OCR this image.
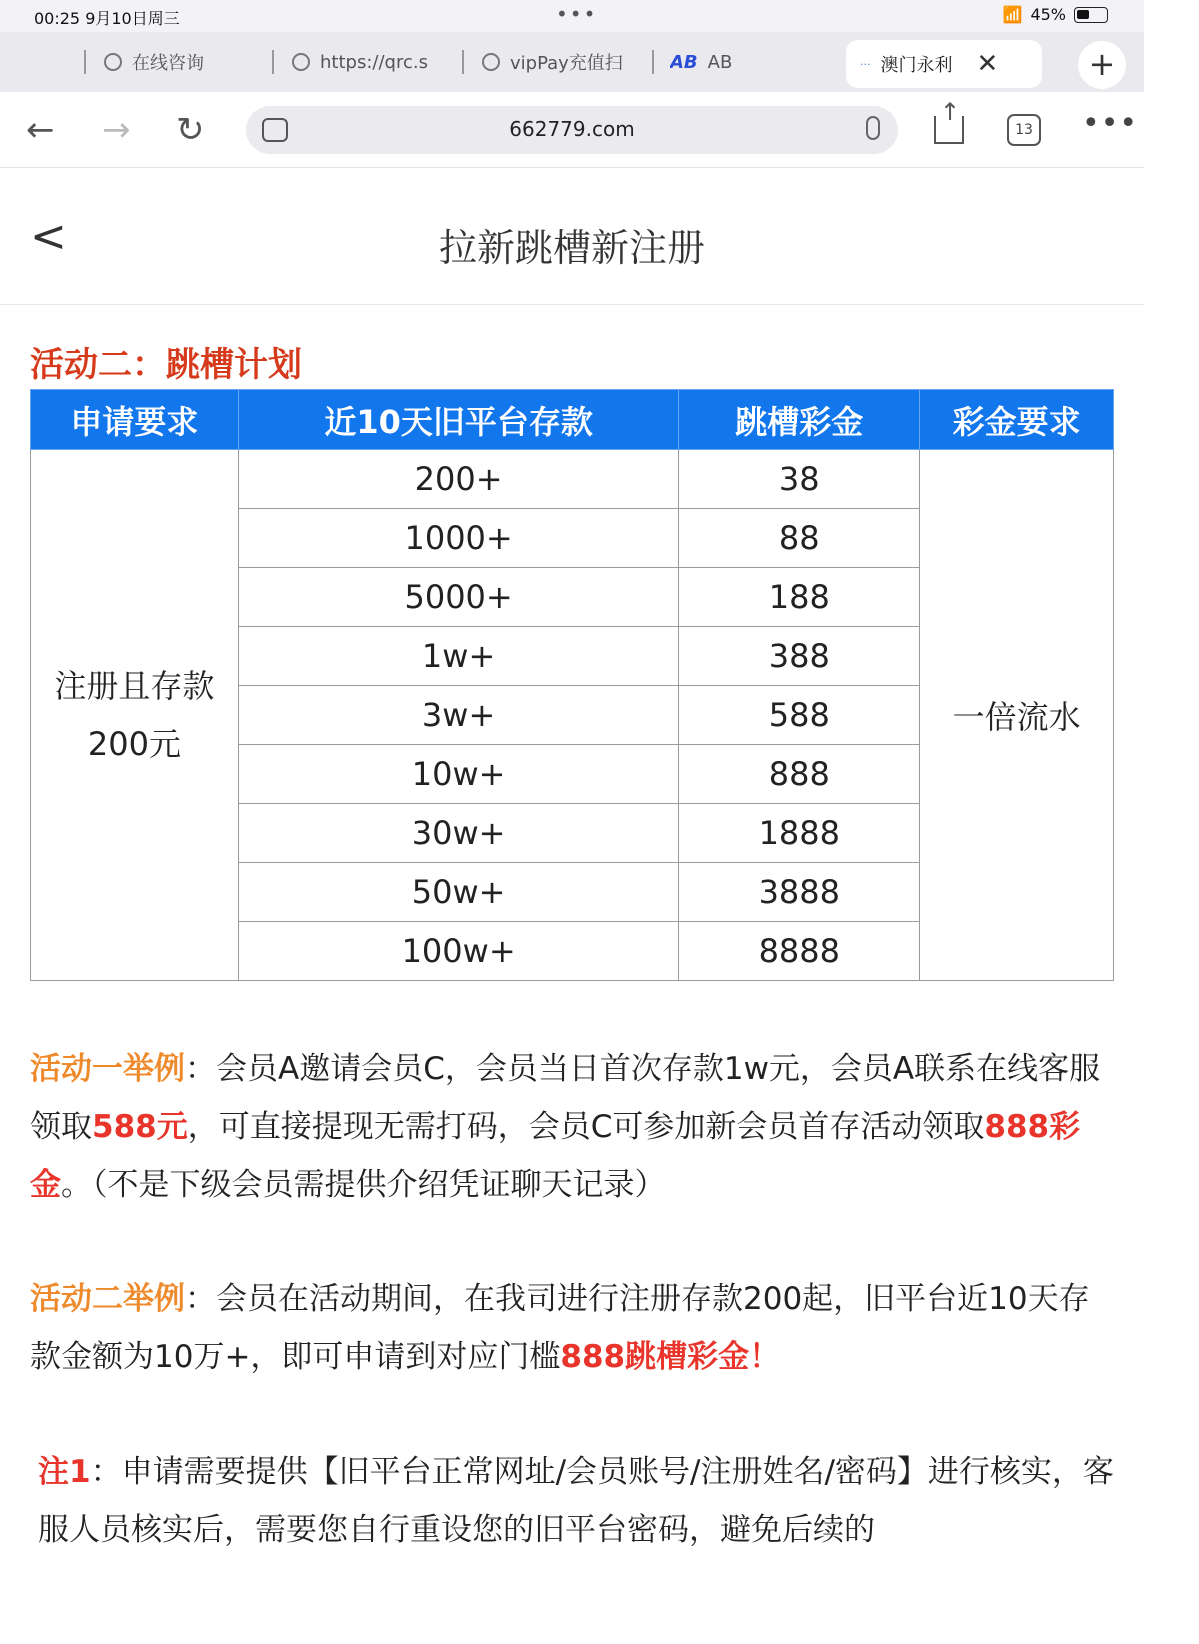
00:25 9月10日周三	•••	📶 45%
在线咨询	https://qrc.s	vipPay充值扫	AB AB	··· 澳门永利 ✕	+
← → ↻	662779.com ↑	13 •••
<	拉新跳槽新注册
活动二：跳槽计划
申请要求	近10天旧平台存款	跳槽彩金	彩金要求
注册且存款
200元	200+	38	一倍流水
	1000+	88	
	5000+	188	
	1w+	388	
	3w+	588	
	10w+	888	
	30w+	1888	
	50w+	3888	
	100w+	8888	
活动一举例：会员A邀请会员C，会员当日首次存款1w元，会员A联系在线客服领取588元，可直接提现无需打码，会员C可参加新会员首存活动领取888彩金。（不是下级会员需提供介绍凭证聊天记录）
活动二举例：会员在活动期间，在我司进行注册存款200起，旧平台近10天存款金额为10万+，即可申请到对应门槛888跳槽彩金！
注1：申请需要提供【旧平台正常网址/会员账号/注册姓名/密码】进行核实，客服人员核实后，需要您自行重设您的旧平台密码，避免后续的
